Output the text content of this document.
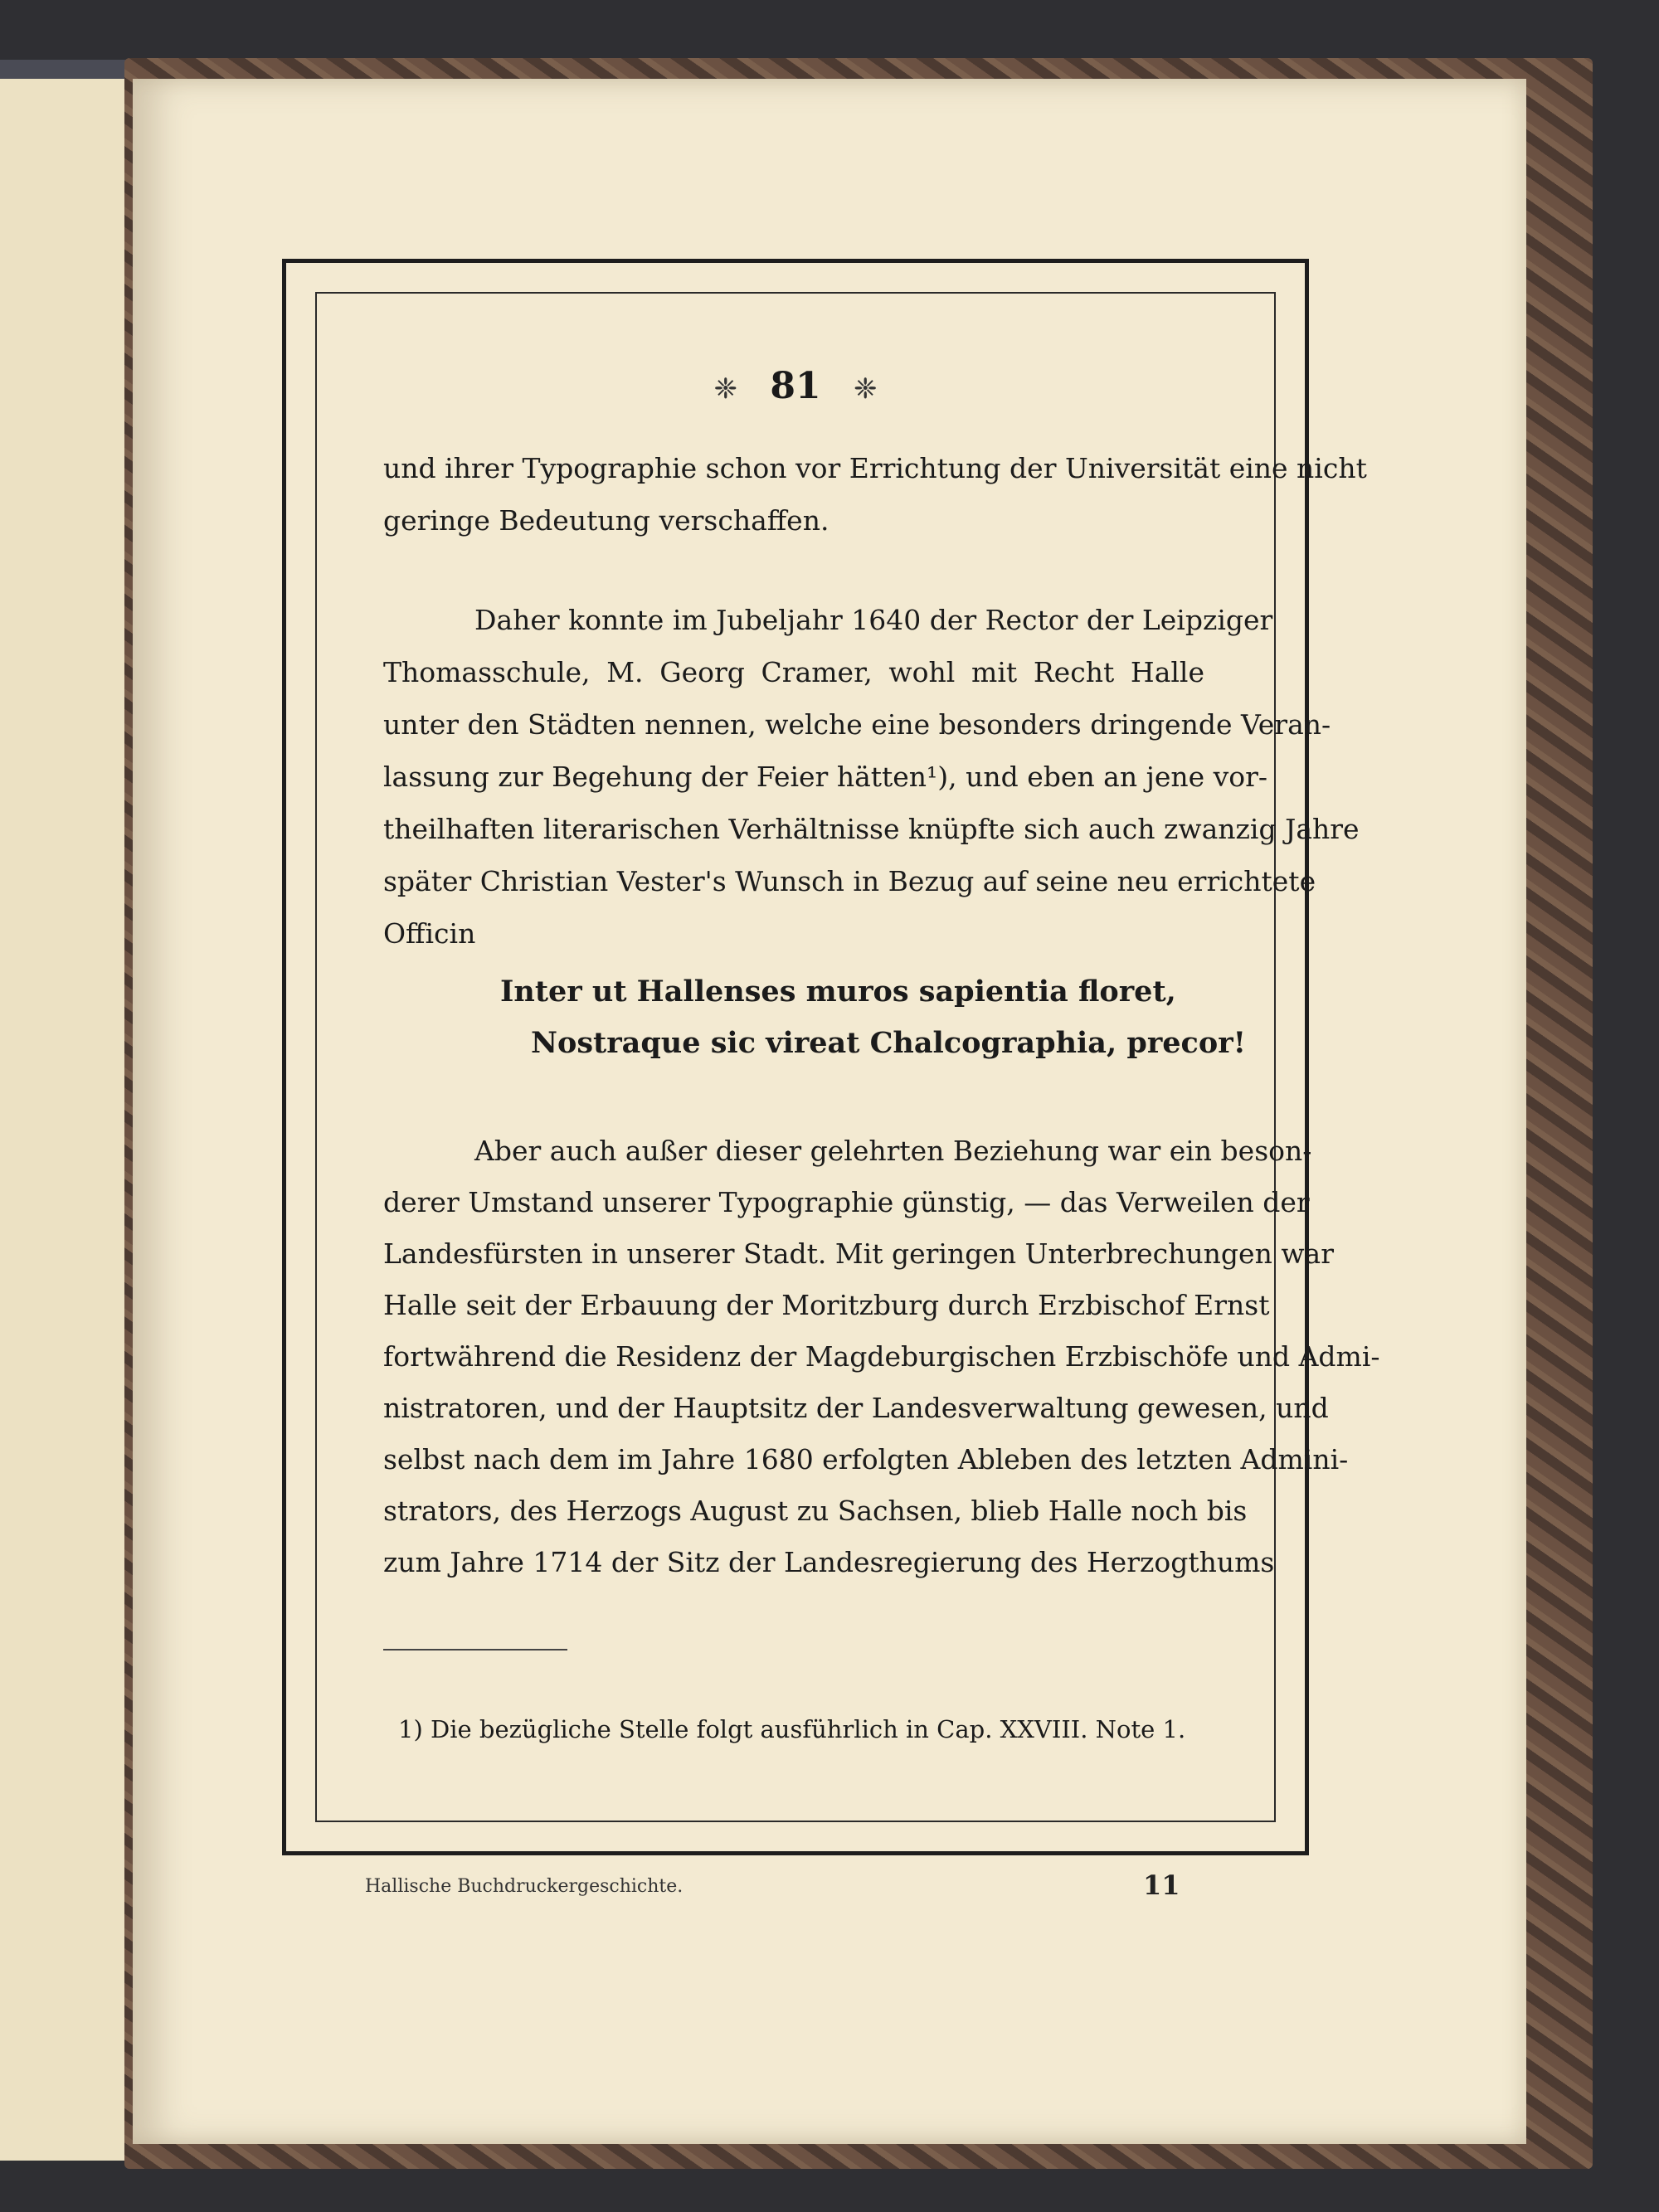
❈ 81 ❈
und ihrer Typographie schon vor Errichtung der Universität eine nicht
geringe Bedeutung verschaffen.
Daher konnte im Jubeljahr 1640 der Rector der Leipziger
Thomasschule, M. Georg Cramer, wohl mit Recht Halle
unter den Städten nennen, welche eine besonders dringende Veran-
lassung zur Begehung der Feier hätten¹), und eben an jene vor-
theilhaften literarischen Verhältnisse knüpfte sich auch zwanzig Jahre
später Christian Vester's Wunsch in Bezug auf seine neu errichtete
Officin
Inter ut Hallenses muros sapientia floret,
Nostraque sic vireat Chalcographia, precor!
Aber auch außer dieser gelehrten Beziehung war ein beson-
derer Umstand unserer Typographie günstig, — das Verweilen der
Landesfürsten in unserer Stadt. Mit geringen Unterbrechungen war
Halle seit der Erbauung der Moritzburg durch Erzbischof Ernst
fortwährend die Residenz der Magdeburgischen Erzbischöfe und Admi-
nistratoren, und der Hauptsitz der Landesverwaltung gewesen, und
selbst nach dem im Jahre 1680 erfolgten Ableben des letzten Admini-
strators, des Herzogs August zu Sachsen, blieb Halle noch bis
zum Jahre 1714 der Sitz der Landesregierung des Herzogthums
1) Die bezügliche Stelle folgt ausführlich in Cap. XXVIII. Note 1.
Hallische Buchdruckergeschichte.	11
